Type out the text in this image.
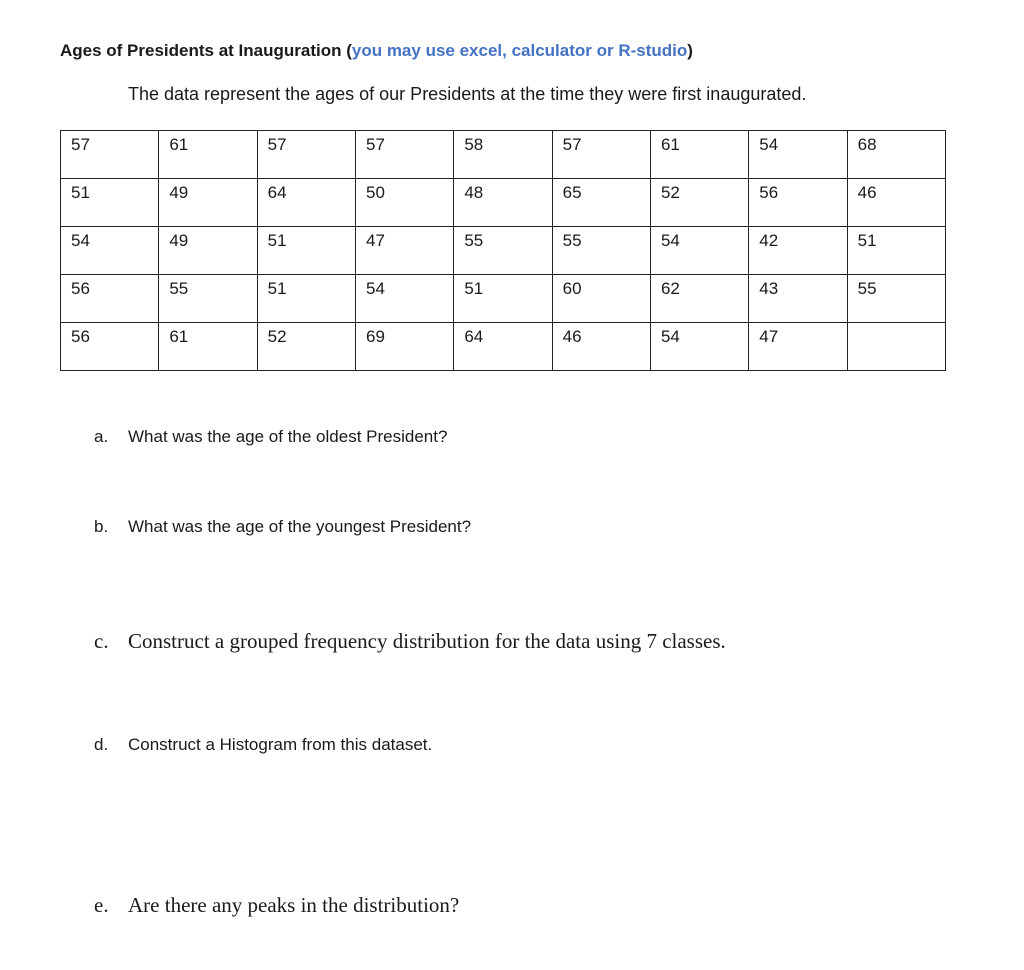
Ages of Presidents at Inauguration (you may use excel, calculator or R-studio)
The data represent the ages of our Presidents at the time they were first inaugurated.
57	61	57	57	58	57	61	54	68
51	49	64	50	48	65	52	56	46
54	49	51	47	55	55	54	42	51
56	55	51	54	51	60	62	43	55
56	61	52	69	64	46	54	47	
a. What was the age of the oldest President?
b. What was the age of the youngest President?
c. Construct a grouped frequency distribution for the data using 7 classes.
d. Construct a Histogram from this dataset.
e. Are there any peaks in the distribution?
